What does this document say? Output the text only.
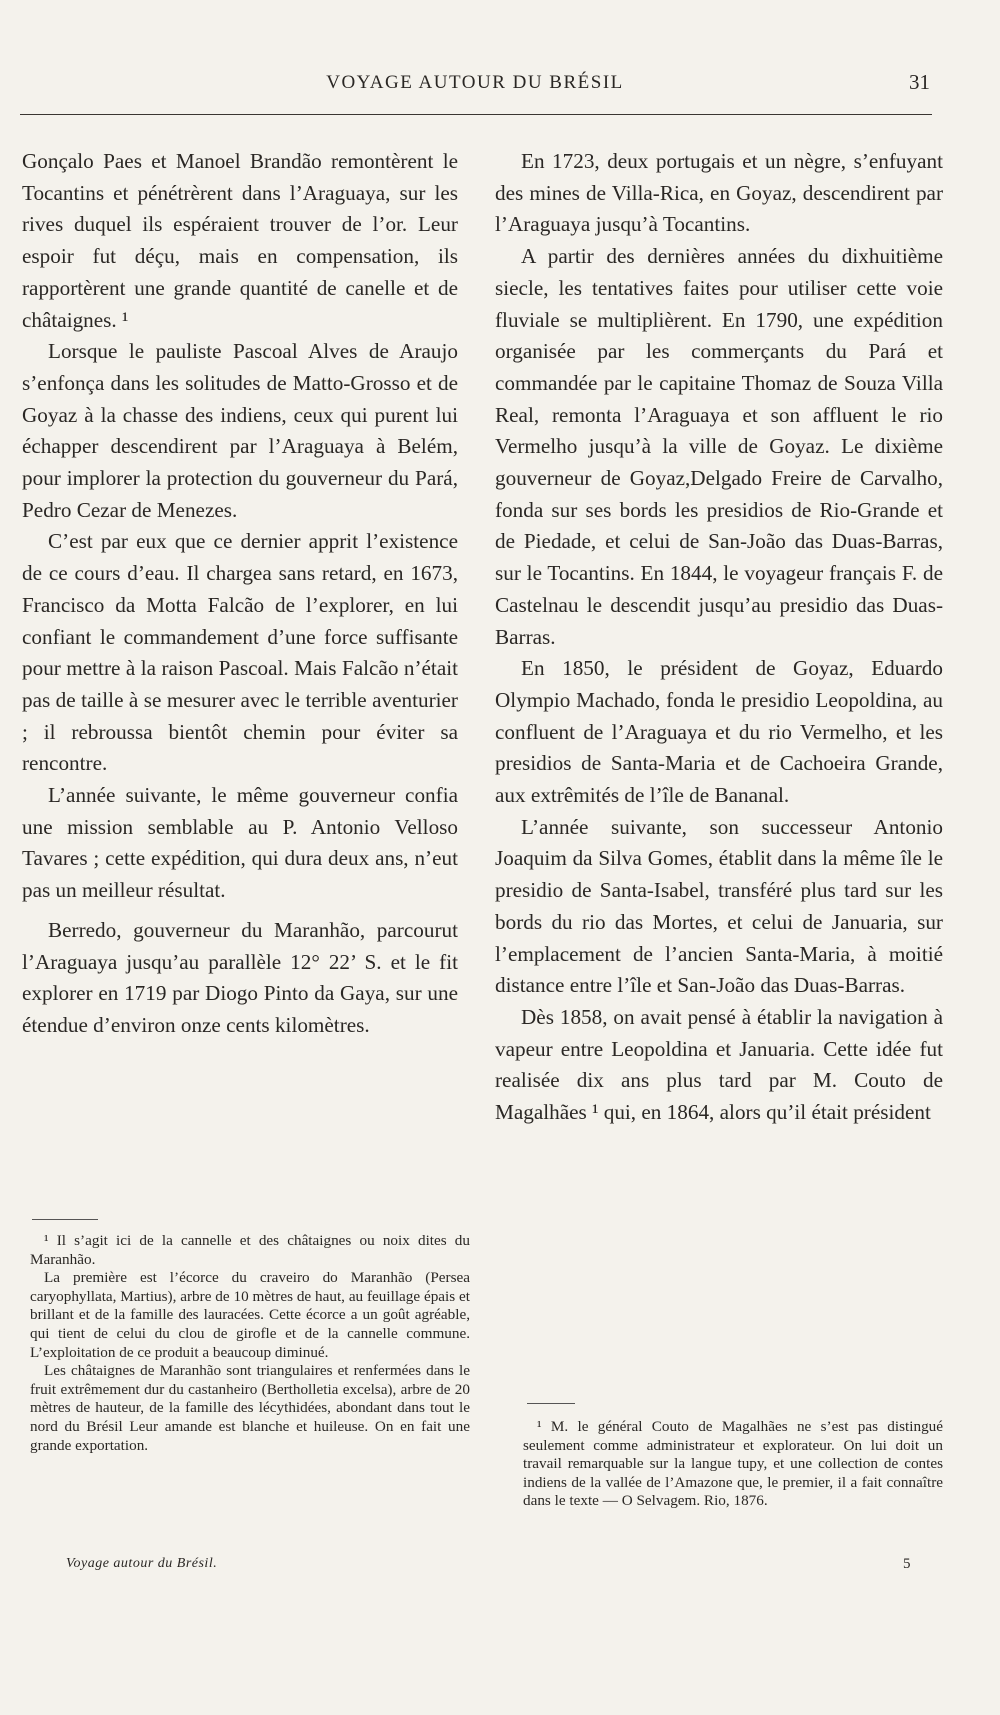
VOYAGE AUTOUR DU BRÉSIL	31

Gonçalo Paes et Manoel Brandão remontèrent le Tocantins et pénétrèrent dans l’Araguaya, sur les rives duquel ils espéraient trouver de l’or. Leur espoir fut déçu, mais en compensation, ils rapportèrent une grande quantité de canelle et de châtaignes. ¹

Lorsque le pauliste Pascoal Alves de Araujo s’enfonça dans les solitudes de Matto-Grosso et de Goyaz à la chasse des indiens, ceux qui purent lui échapper descendirent par l’Araguaya à Belém, pour implorer la protection du gouverneur du Pará, Pedro Cezar de Menezes.

C’est par eux que ce dernier apprit l’existence de ce cours d’eau. Il chargea sans retard, en 1673, Francisco da Motta Falcão de l’explorer, en lui confiant le commandement d’une force suffisante pour mettre à la raison Pascoal. Mais Falcão n’était pas de taille à se mesurer avec le terrible aventurier ; il rebroussa bientôt chemin pour éviter sa rencontre.

L’année suivante, le même gouverneur confia une mission semblable au P. Antonio Velloso Tavares ; cette expédition, qui dura deux ans, n’eut pas un meilleur résultat.

Berredo, gouverneur du Maranhão, parcourut l’Araguaya jusqu’au parallèle 12° 22’ S. et le fit explorer en 1719 par Diogo Pinto da Gaya, sur une étendue d’environ onze cents kilomètres.

En 1723, deux portugais et un nègre, s’enfuyant des mines de Villa-Rica, en Goyaz, descendirent par l’Araguaya jusqu’à Tocantins.

A partir des dernières années du dixhuitième siecle, les tentatives faites pour utiliser cette voie fluviale se multiplièrent. En 1790, une expédition organisée par les commerçants du Pará et commandée par le capitaine Thomaz de Souza Villa Real, remonta l’Araguaya et son affluent le rio Vermelho jusqu’à la ville de Goyaz. Le dixième gouverneur de Goyaz,Delgado Freire de Carvalho, fonda sur ses bords les presidios de Rio-Grande et de Piedade, et celui de San-João das Duas-Barras, sur le Tocantins. En 1844, le voyageur français F. de Castelnau le descendit jusqu’au presidio das Duas-Barras.

En 1850, le président de Goyaz, Eduardo Olympio Machado, fonda le presidio Leopoldina, au confluent de l’Araguaya et du rio Vermelho, et les presidios de Santa-Maria et de Cachoeira Grande, aux extrêmités de l’île de Bananal.

L’année suivante, son successeur Antonio Joaquim da Silva Gomes, établit dans la même île le presidio de Santa-Isabel, transféré plus tard sur les bords du rio das Mortes, et celui de Januaria, sur l’emplacement de l’ancien Santa-Maria, à moitié distance entre l’île et San-João das Duas-Barras.

Dès 1858, on avait pensé à établir la navigation à vapeur entre Leopoldina et Januaria. Cette idée fut realisée dix ans plus tard par M. Couto de Magalhães ¹ qui, en 1864, alors qu’il était président

¹ Il s’agit ici de la cannelle et des châtaignes ou noix dites du Maranhão.

La première est l’écorce du craveiro do Maranhão (Persea caryophyllata, Martius), arbre de 10 mètres de haut, au feuillage épais et brillant et de la famille des lauracées. Cette écorce a un goût agréable, qui tient de celui du clou de girofle et de la cannelle commune. L’exploitation de ce produit a beaucoup diminué.

Les châtaignes de Maranhão sont triangulaires et renfermées dans le fruit extrêmement dur du castanheiro (Bertholletia excelsa), arbre de 20 mètres de hauteur, de la famille des lécythidées, abondant dans tout le nord du Brésil Leur amande est blanche et huileuse. On en fait une grande exportation.

¹ M. le général Couto de Magalhães ne s’est pas distingué seulement comme administrateur et explorateur. On lui doit un travail remarquable sur la langue tupy, et une collection de contes indiens de la vallée de l’Amazone que, le premier, il a fait connaître dans le texte — O Selvagem. Rio, 1876.

Voyage autour du Brésil.	5
